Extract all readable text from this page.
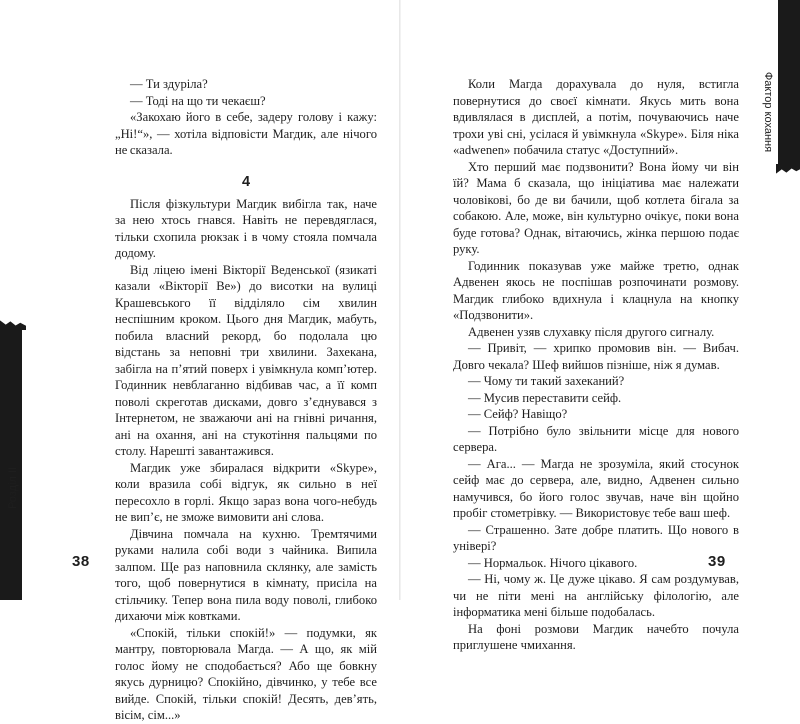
Розділ II

— Ти здуріла?

— Тоді на що ти чекаєш?

«Закохаю його в себе, задеру голову і кажу: „Ні!“», — хотіла відповісти Магдик, але нічого не сказала.

4

Після фізкультури Магдик вибігла так, наче за нею хтось гнався. Навіть не перевдяглася, тільки схопила рюкзак і в чому стояла помчала додому.

Від ліцею імені Вікторії Веденської (язикаті казали «Вікторії Ве») до висотки на вулиці Крашевського її відділяло сім хвилин неспішним кроком. Цього дня Магдик, мабуть, побила власний рекорд, бо подолала цю відстань за неповні три хвилини. Захекана, забігла на п’ятий поверх і увімкнула комп’ютер. Годинник невблаганно відбивав час, а її комп поволі скреготав дисками, довго з’єднувався з Інтернетом, не зважаючи ані на гнівні ричання, ані на охання, ані на стукотіння пальцями по столу. Нарешті завантажився.

Магдик уже збиралася відкрити «Skype», коли вразила собі відгук, як сильно в неї пересохло в горлі. Якщо зараз вона чого-небудь не вип’є, не зможе вимовити ані слова.

Дівчина помчала на кухню. Тремтячими руками налила собі води з чайника. Випила залпом. Ще раз наповнила склянку, але замість того, щоб повернутися в кімнату, присіла на стільчику. Тепер вона пила воду поволі, глибоко дихаючи між ковтками.

«Спокій, тільки спокій!» — подумки, як мантру, повторювала Магда. — А що, як мій голос йому не сподобається? Або ще бовкну якусь дурницю? Спокійно, дівчинко, у тебе все вийде. Спокій, тільки спокій! Десять, дев’ять, вісім, сім...»

38
Фактор кохання

Коли Магда дорахувала до нуля, встигла повернутися до своєї кімнати. Якусь мить вона вдивлялася в дисплей, а потім, почуваючись наче трохи уві сні, усілася й увімкнула «Skype». Біля ніка «adwenen» побачила статус «Доступний».

Хто перший має подзвонити? Вона йому чи він їй? Мама б сказала, що ініціатива має належати чоловікові, бо де ви бачили, щоб котлета бігала за собакою. Але, може, він культурно очікує, поки вона буде готова? Однак, вітаючись, жінка першою подає руку.

Годинник показував уже майже третю, однак Адвенен якось не поспішав розпочинати розмову. Магдик глибоко вдихнула і клацнула на кнопку «Подзвонити».

Адвенен узяв слухавку після другого сигналу.

— Привіт, — хрипко промовив він. — Вибач. Довго чекала? Шеф вийшов пізніше, ніж я думав.

— Чому ти такий захеканий?

— Мусив переставити сейф.

— Сейф? Навіщо?

— Потрібно було звільнити місце для нового сервера.

— Ага... — Магда не зрозуміла, який стосунок сейф має до сервера, але, видно, Адвенен сильно намучився, бо його голос звучав, наче він щойно пробіг стометрівку. — Використовує тебе ваш шеф.

— Страшенно. Зате добре платить. Що нового в універі?

— Нормальок. Нічого цікавого.

— Ні, чому ж. Це дуже цікаво. Я сам роздумував, чи не піти мені на англійську філологію, але інформатика мені більше подобалась.

На фоні розмови Магдик начебто почула приглушене чмихання.

39
